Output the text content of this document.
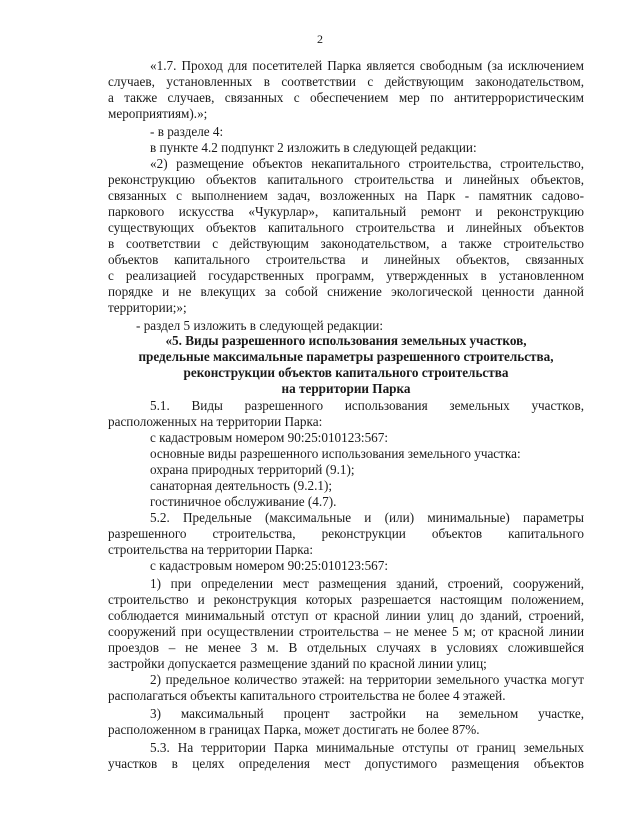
2
«1.7. Проход для посетителей Парка является свободным (за исключением
случаев, установленных в соответствии с действующим законодательством,
а также случаев, связанных с обеспечением мер по антитеррористическим
мероприятиям).»;
- в разделе 4:
в пункте 4.2 подпункт 2 изложить в следующей редакции:
«2) размещение объектов некапитального строительства, строительство,
реконструкцию объектов капитального строительства и линейных объектов,
связанных с выполнением задач, возложенных на Парк - памятник садово-
паркового искусства «Чукурлар», капитальный ремонт и реконструкцию
существующих объектов капитального строительства и линейных объектов
в соответствии с действующим законодательством, а также строительство
объектов капитального строительства и линейных объектов, связанных
с реализацией государственных программ, утвержденных в установленном
порядке и не влекущих за собой снижение экологической ценности данной
территории;»;
- раздел 5 изложить в следующей редакции:
«5. Виды разрешенного использования земельных участков,
предельные максимальные параметры разрешенного строительства,
реконструкции объектов капитального строительства
на территории Парка
5.1. Виды разрешенного использования земельных участков,
расположенных на территории Парка:
с кадастровым номером 90:25:010123:567:
основные виды разрешенного использования земельного участка:
охрана природных территорий (9.1);
санаторная деятельность (9.2.1);
гостиничное обслуживание (4.7).
5.2. Предельные (максимальные и (или) минимальные) параметры
разрешенного строительства, реконструкции объектов капитального
строительства на территории Парка:
с кадастровым номером 90:25:010123:567:
1) при определении мест размещения зданий, строений, сооружений,
строительство и реконструкция которых разрешается настоящим положением,
соблюдается минимальный отступ от красной линии улиц до зданий, строений,
сооружений при осуществлении строительства – не менее 5 м; от красной линии
проездов – не менее 3 м. В отдельных случаях в условиях сложившейся
застройки допускается размещение зданий по красной линии улиц;
2) предельное количество этажей: на территории земельного участка могут
располагаться объекты капитального строительства не более 4 этажей.
3) максимальный процент застройки на земельном участке,
расположенном в границах Парка, может достигать не более 87%.
5.3. На территории Парка минимальные отступы от границ земельных
участков в целях определения мест допустимого размещения объектов
